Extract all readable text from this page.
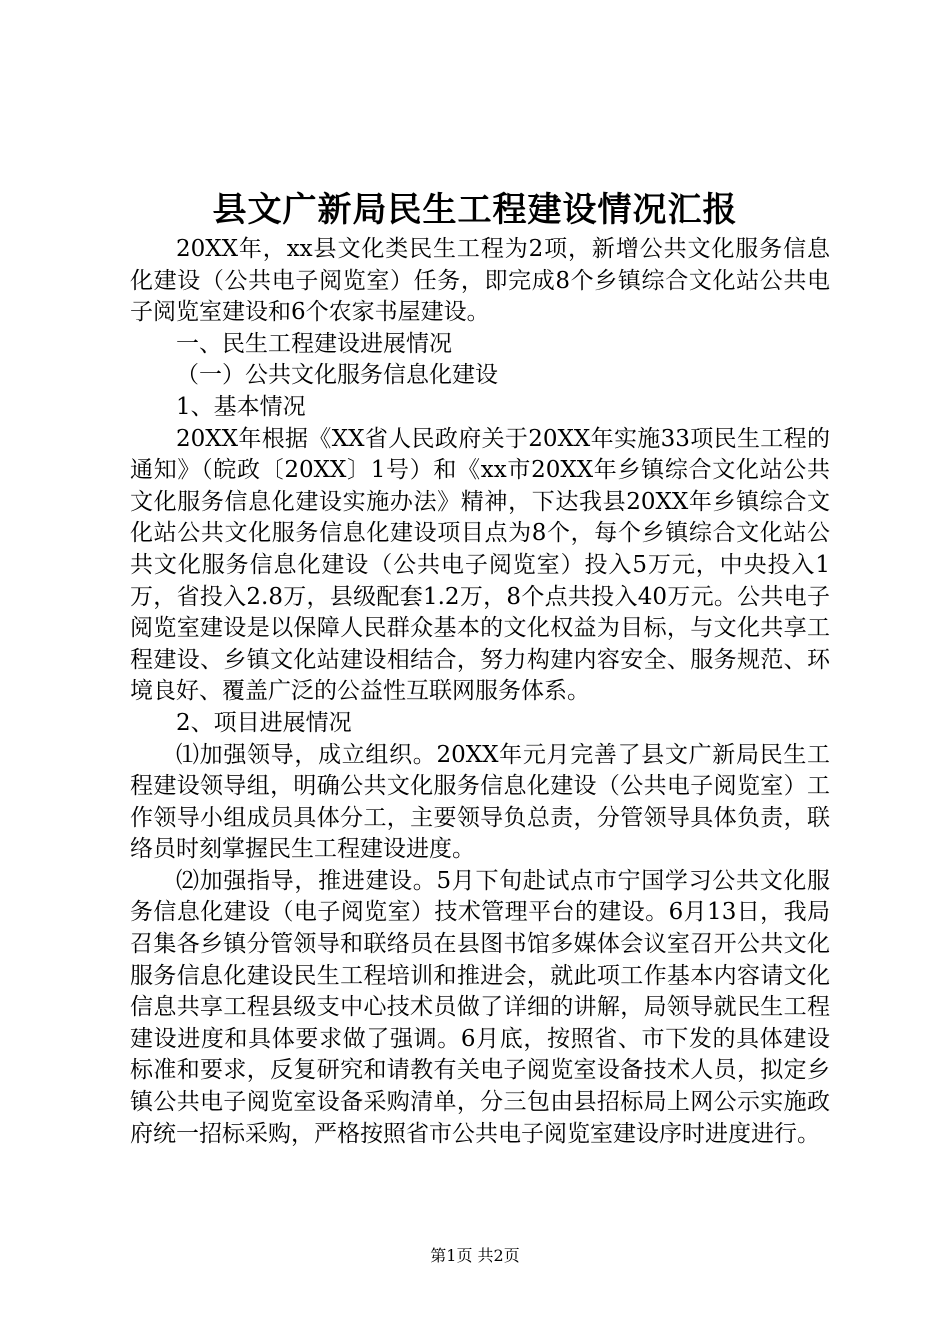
县文广新局民生工程建设情况汇报

20XX年，xx县文化类民生工程为2项，新增公共文化服务信息化建设（公共电子阅览室）任务，即完成8个乡镇综合文化站公共电子阅览室建设和6个农家书屋建设。

一、民生工程建设进展情况

（一）公共文化服务信息化建设

1、基本情况

20XX年根据《XX省人民政府关于20XX年实施33项民生工程的通知》（皖政〔20XX〕1号）和《xx市20XX年乡镇综合文化站公共文化服务信息化建设实施办法》精神，下达我县20XX年乡镇综合文化站公共文化服务信息化建设项目点为8个，每个乡镇综合文化站公共文化服务信息化建设（公共电子阅览室）投入5万元，中央投入1万，省投入2.8万，县级配套1.2万，8个点共投入40万元。公共电子阅览室建设是以保障人民群众基本的文化权益为目标，与文化共享工程建设、乡镇文化站建设相结合，努力构建内容安全、服务规范、环境良好、覆盖广泛的公益性互联网服务体系。

2、项目进展情况

⑴加强领导，成立组织。20XX年元月完善了县文广新局民生工程建设领导组，明确公共文化服务信息化建设（公共电子阅览室）工作领导小组成员具体分工，主要领导负总责，分管领导具体负责，联络员时刻掌握民生工程建设进度。

⑵加强指导，推进建设。5月下旬赴试点市宁国学习公共文化服务信息化建设（电子阅览室）技术管理平台的建设。6月13日，我局召集各乡镇分管领导和联络员在县图书馆多媒体会议室召开公共文化服务信息化建设民生工程培训和推进会，就此项工作基本内容请文化信息共享工程县级支中心技术员做了详细的讲解，局领导就民生工程建设进度和具体要求做了强调。6月底，按照省、市下发的具体建设标准和要求，反复研究和请教有关电子阅览室设备技术人员，拟定乡镇公共电子阅览室设备采购清单，分三包由县招标局上网公示实施政府统一招标采购，严格按照省市公共电子阅览室建设序时进度进行。

第1页 共2页
